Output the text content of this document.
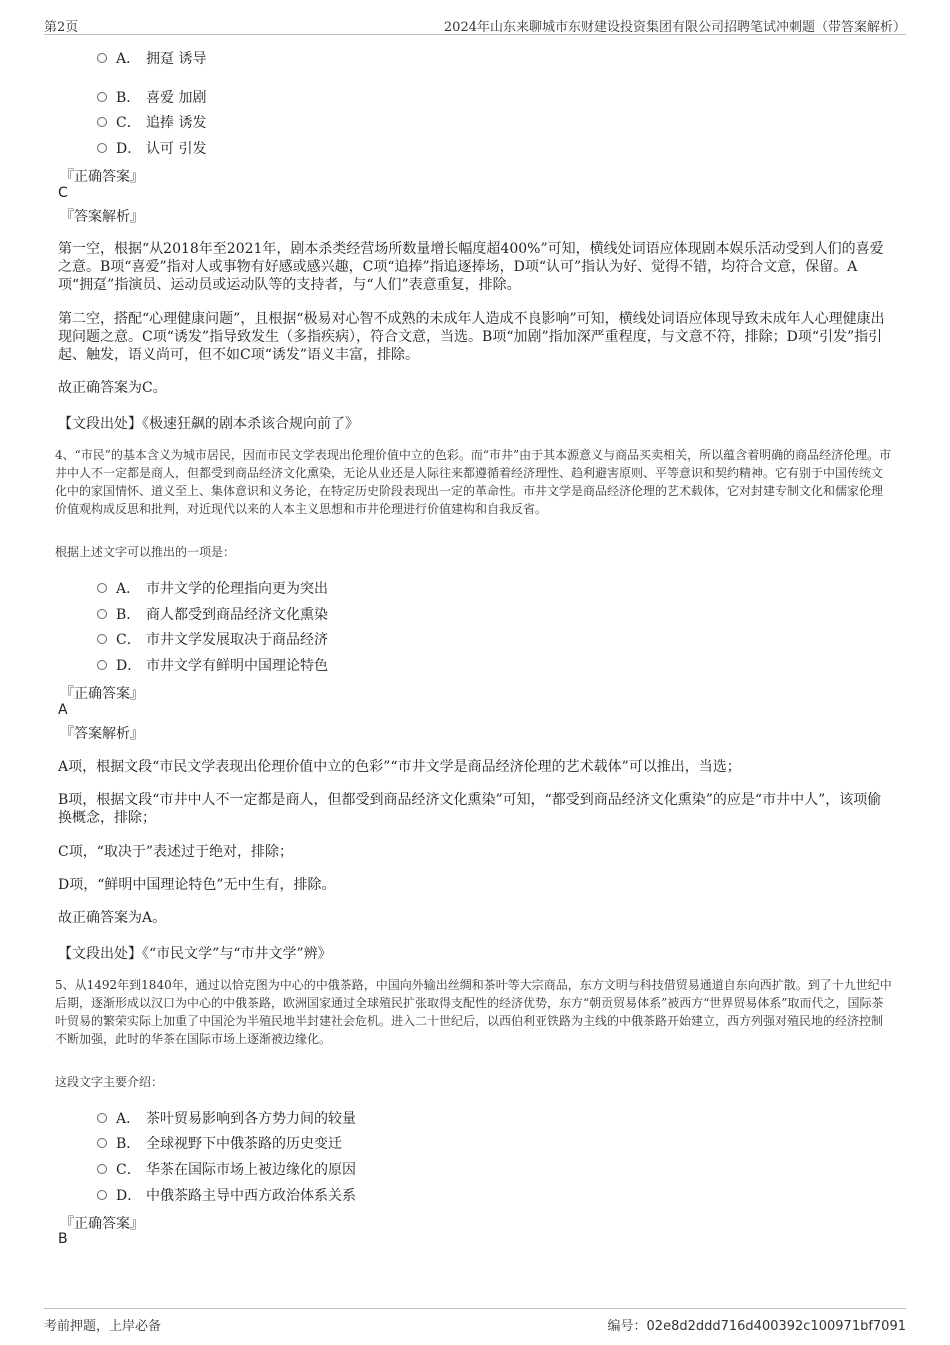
第2页	2024年山东来聊城市东财建设投资集团有限公司招聘笔试冲刺题（带答案解析）
A． 拥趸 诱导
B． 喜爱 加剧
C． 追捧 诱发
D． 认可 引发
『正确答案』
C
『答案解析』
第一空，根据“从2018年至2021年，剧本杀类经营场所数量增长幅度超400%”可知，横线处词语应体现剧本娱乐活动受到人们的喜爱之意。B项“喜爱”指对人或事物有好感或感兴趣，C项“追捧”指追逐捧场，D项“认可”指认为好、觉得不错，均符合文意，保留。A项“拥趸”指演员、运动员或运动队等的支持者，与“人们”表意重复，排除。
第二空，搭配“心理健康问题”，且根据“极易对心智不成熟的未成年人造成不良影响”可知，横线处词语应体现导致未成年人心理健康出现问题之意。C项“诱发”指导致发生（多指疾病），符合文意，当选。B项“加剧”指加深严重程度，与文意不符，排除；D项“引发”指引起、触发，语义尚可，但不如C项“诱发”语义丰富，排除。
故正确答案为C。
【文段出处】《极速狂飙的剧本杀该合规向前了》
4、“市民”的基本含义为城市居民，因而市民文学表现出伦理价值中立的色彩。而“市井”由于其本源意义与商品买卖相关，所以蕴含着明确的商品经济伦理。市井中人不一定都是商人，但都受到商品经济文化熏染，无论从业还是人际往来都遵循着经济理性、趋利避害原则、平等意识和契约精神。它有别于中国传统文化中的家国情怀、道义至上、集体意识和义务论，在特定历史阶段表现出一定的革命性。市井文学是商品经济伦理的艺术载体，它对封建专制文化和儒家伦理价值观构成反思和批判，对近现代以来的人本主义思想和市井伦理进行价值建构和自我反省。
根据上述文字可以推出的一项是：
A． 市井文学的伦理指向更为突出
B． 商人都受到商品经济文化熏染
C． 市井文学发展取决于商品经济
D． 市井文学有鲜明中国理论特色
『正确答案』
A
『答案解析』
A项，根据文段“市民文学表现出伦理价值中立的色彩”“市井文学是商品经济伦理的艺术载体”可以推出，当选；
B项，根据文段“市井中人不一定都是商人，但都受到商品经济文化熏染”可知，“都受到商品经济文化熏染”的应是“市井中人”，该项偷换概念，排除；
C项，“取决于”表述过于绝对，排除；
D项，“鲜明中国理论特色”无中生有，排除。
故正确答案为A。
【文段出处】《“市民文学”与“市井文学”辨》
5、从1492年到1840年，通过以恰克图为中心的中俄茶路，中国向外输出丝绸和茶叶等大宗商品，东方文明与科技借贸易通道自东向西扩散。到了十九世纪中后期，逐渐形成以汉口为中心的中俄茶路，欧洲国家通过全球殖民扩张取得支配性的经济优势，东方“朝贡贸易体系”被西方“世界贸易体系”取而代之，国际茶叶贸易的繁荣实际上加重了中国沦为半殖民地半封建社会危机。进入二十世纪后，以西伯利亚铁路为主线的中俄茶路开始建立，西方列强对殖民地的经济控制不断加强，此时的华茶在国际市场上逐渐被边缘化。
这段文字主要介绍：
A． 茶叶贸易影响到各方势力间的较量
B． 全球视野下中俄茶路的历史变迁
C． 华茶在国际市场上被边缘化的原因
D． 中俄茶路主导中西方政治体系关系
『正确答案』
B
考前押题，上岸必备	编号：02e8d2ddd716d400392c100971bf7091
